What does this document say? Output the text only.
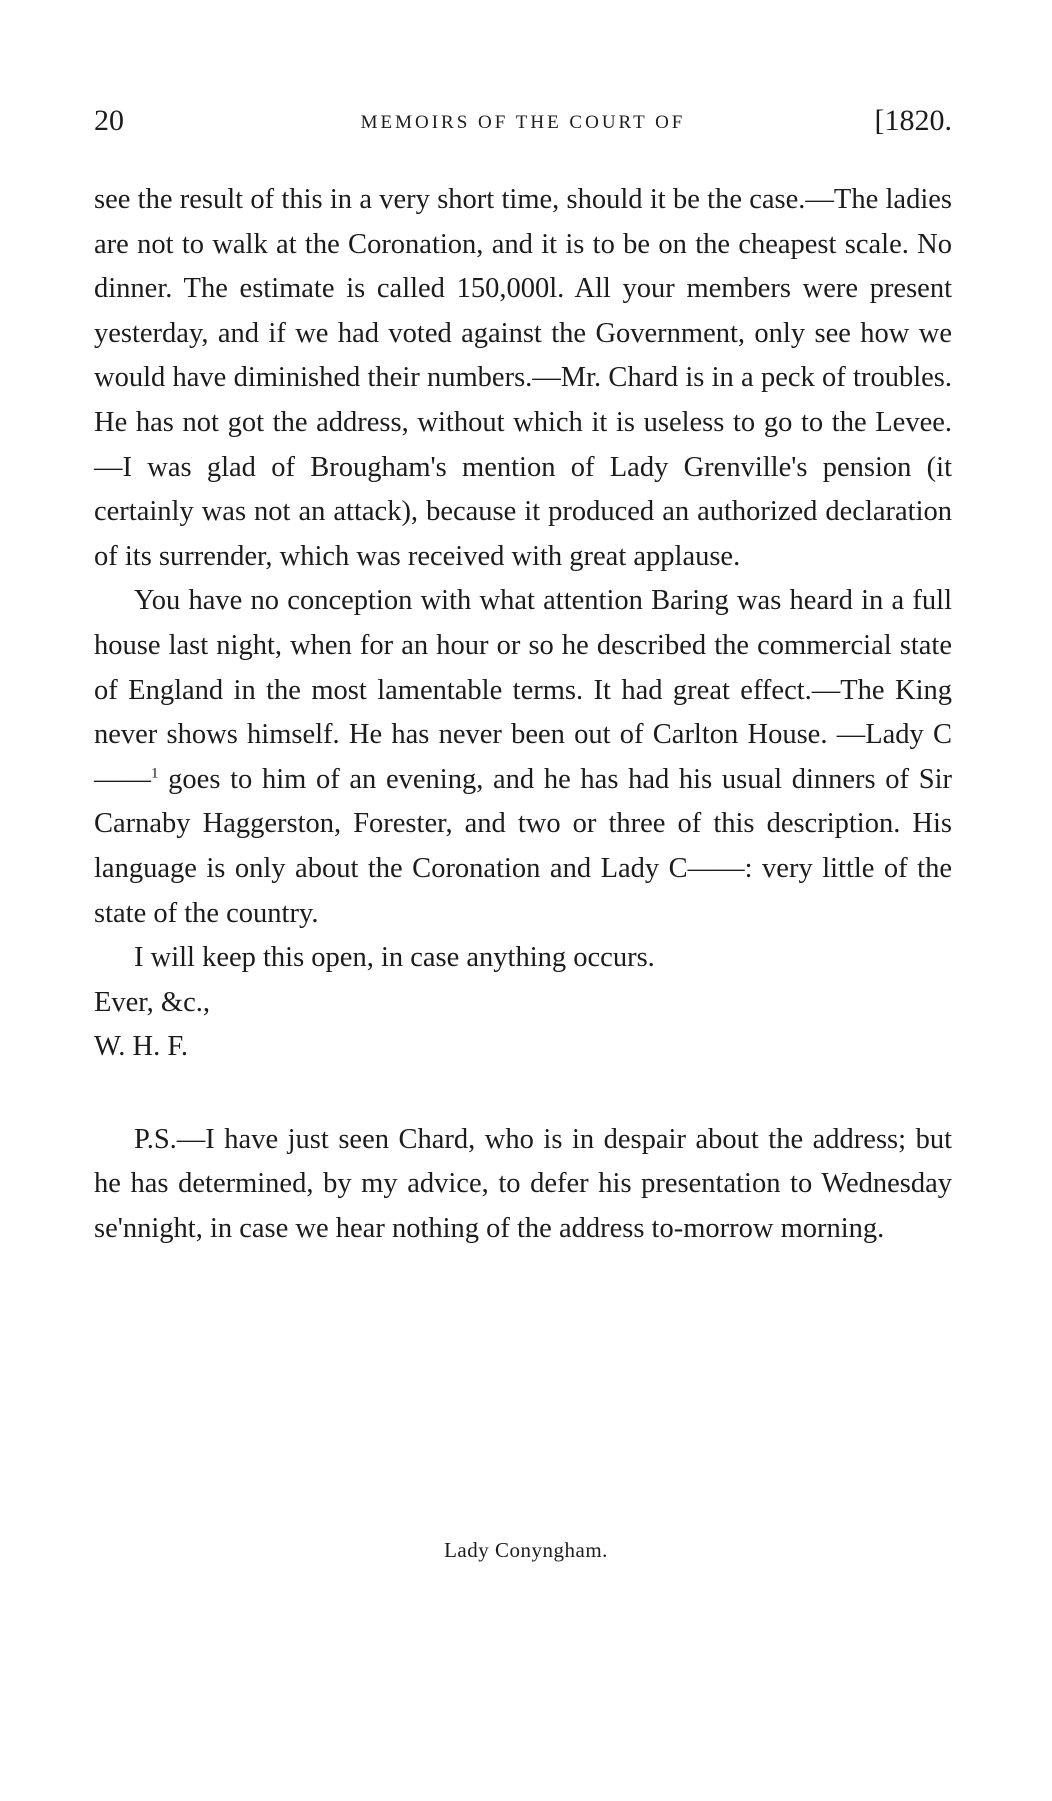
20	MEMOIRS OF THE COURT OF	[1820.

see the result of this in a very short time, should it be the case.—The ladies are not to walk at the Coronation, and it is to be on the cheapest scale. No dinner. The estimate is called 150,000l. All your members were present yesterday, and if we had voted against the Government, only see how we would have diminished their numbers.—Mr. Chard is in a peck of troubles. He has not got the address, without which it is useless to go to the Levee.—I was glad of Brougham's mention of Lady Grenville's pension (it certainly was not an attack), because it produced an authorized declaration of its surrender, which was received with great applause.

You have no conception with what attention Baring was heard in a full house last night, when for an hour or so he described the commercial state of England in the most lamentable terms. It had great effect.—The King never shows himself. He has never been out of Carlton House. —Lady C——$^1$ goes to him of an evening, and he has had his usual dinners of Sir Carnaby Haggerston, Forester, and two or three of this description. His language is only about the Coronation and Lady C——: very little of the state of the country.

I will keep this open, in case anything occurs.

Ever, &c.,

W. H. F.

P.S.—I have just seen Chard, who is in despair about the address; but he has determined, by my advice, to defer his presentation to Wednesday se'nnight, in case we hear nothing of the address to-morrow morning.

Lady Conyngham.
